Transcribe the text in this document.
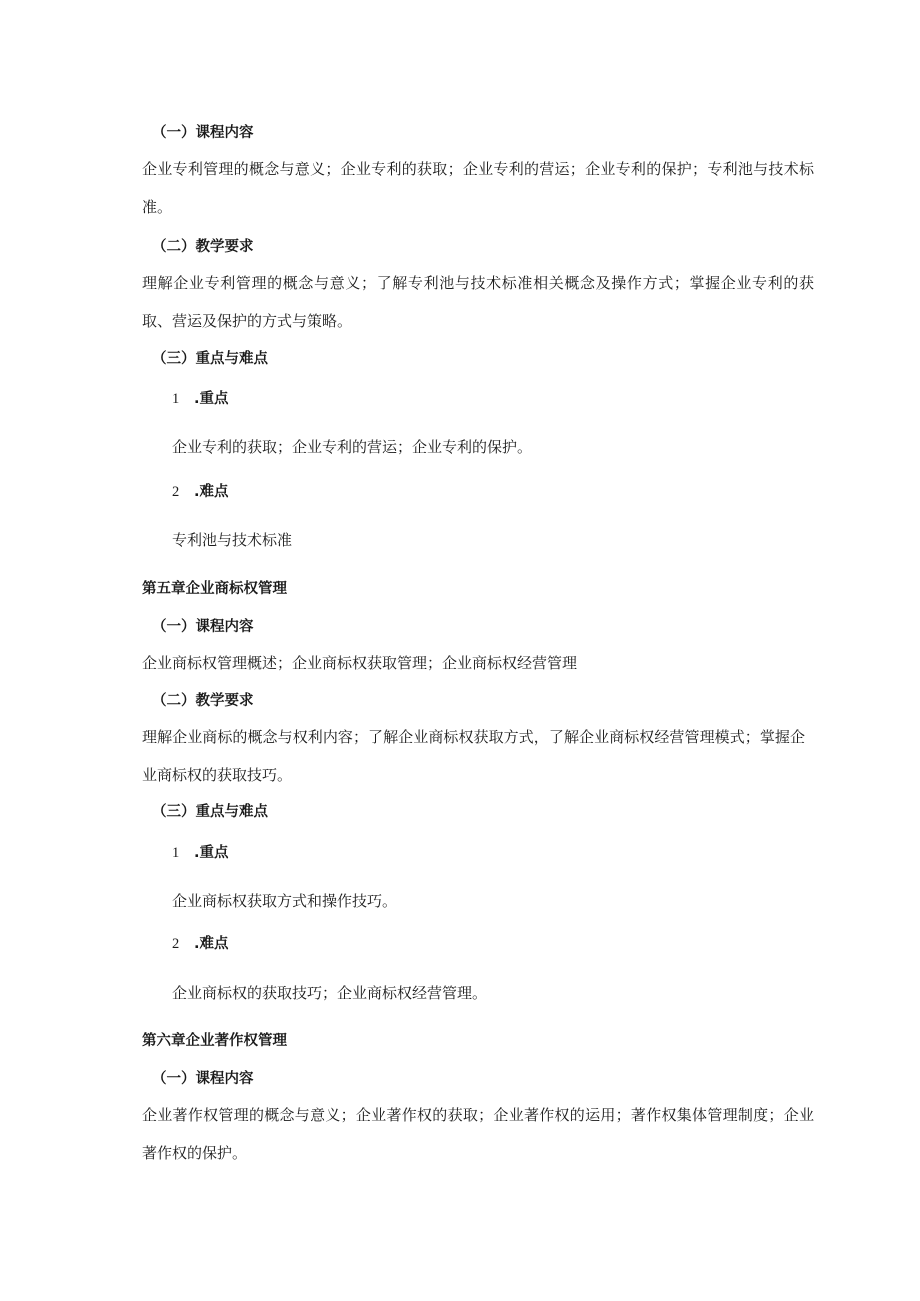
（一）课程内容
企业专利管理的概念与意义；企业专利的获取；企业专利的营运；企业专利的保护；专利池与技术标准。
（二）教学要求
理解企业专利管理的概念与意义；了解专利池与技术标准相关概念及操作方式；掌握企业专利的获取、营运及保护的方式与策略。
（三）重点与难点
1 .重点
企业专利的获取；企业专利的营运；企业专利的保护。
2 .难点
专利池与技术标准
第五章企业商标权管理
（一）课程内容
企业商标权管理概述；企业商标权获取管理；企业商标权经营管理
（二）教学要求
理解企业商标的概念与权利内容；了解企业商标权获取方式，了解企业商标权经营管理模式；掌握企业商标权的获取技巧。
（三）重点与难点
1 .重点
企业商标权获取方式和操作技巧。
2 .难点
企业商标权的获取技巧；企业商标权经营管理。
第六章企业著作权管理
（一）课程内容
企业著作权管理的概念与意义；企业著作权的获取；企业著作权的运用；著作权集体管理制度；企业著作权的保护。
